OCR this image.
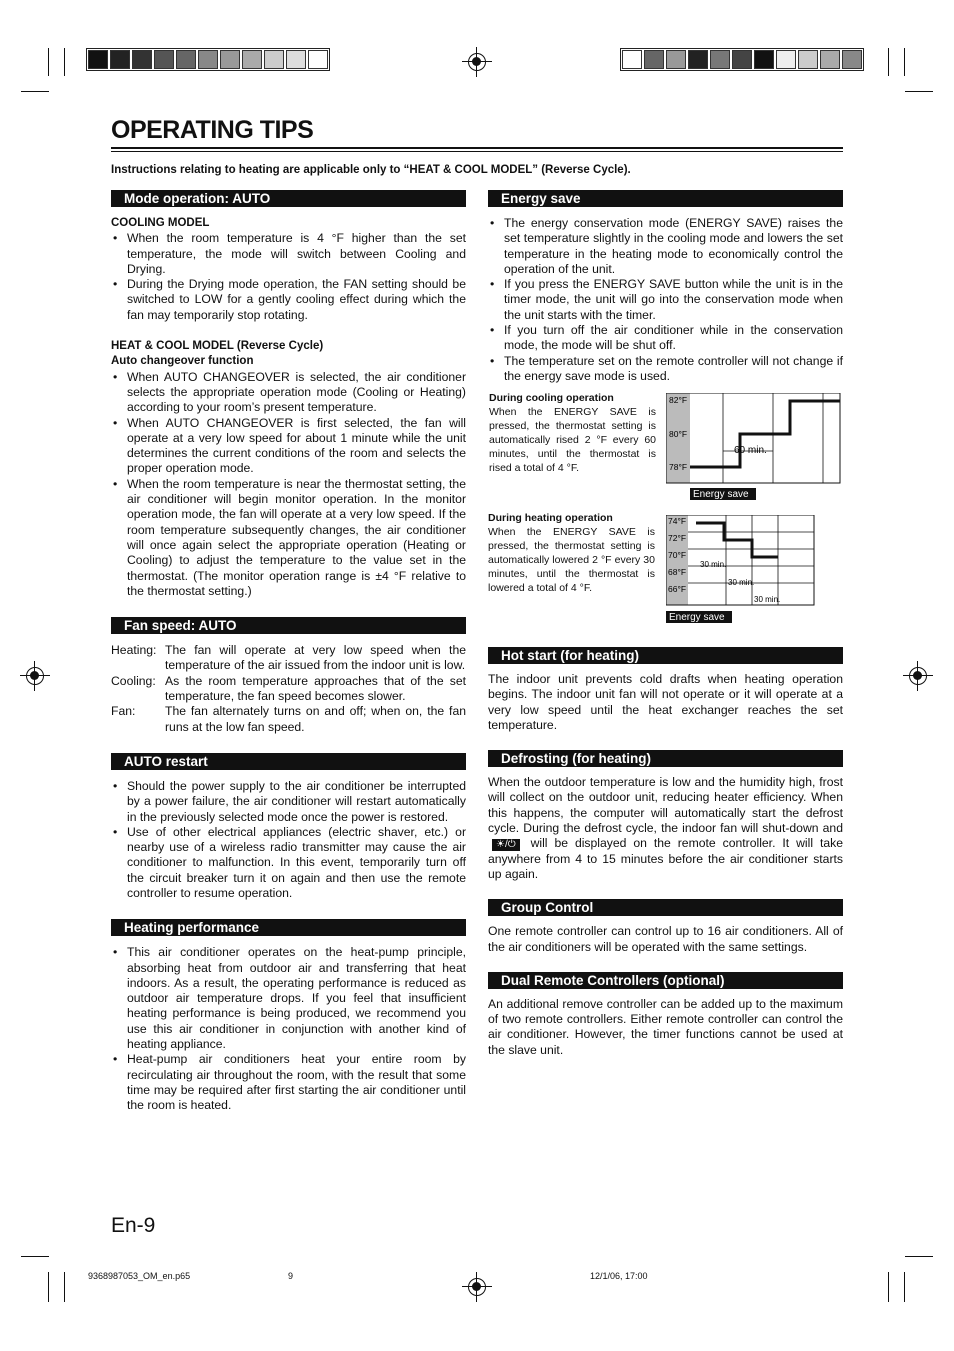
OPERATING TIPS
Instructions relating to heating are applicable only to “HEAT & COOL MODEL” (Reverse Cycle).
Mode operation: AUTO
COOLING MODEL
• When the room temperature is 4 °F higher than the set temperature, the mode will switch between Cooling and Drying.
• During the Drying mode operation, the FAN setting should be switched to LOW for a gently cooling effect during which the fan may temporarily stop rotating.
HEAT & COOL MODEL (Reverse Cycle)
Auto changeover function
• When AUTO CHANGEOVER is selected, the air conditioner selects the appropriate operation mode (Cooling or Heating) according to your room’s present temperature.
• When AUTO CHANGEOVER is first selected, the fan will operate at a very low speed for about 1 minute while the unit determines the current conditions of the room and selects the proper operation mode.
• When the room temperature is near the thermostat setting, the air conditioner will begin monitor operation. In the monitor operation mode, the fan will operate at a very low speed. If the room temperature subsequently changes, the air conditioner will once again select the appropriate operation (Heating or Cooling) to adjust the temperature to the value set in the thermostat. (The monitor operation range is ±4 °F relative to the thermostat setting.)
Fan speed: AUTO
Heating: The fan will operate at very low speed when the temperature of the air issued from the indoor unit is low.
Cooling: As the room temperature approaches that of the set temperature, the fan speed becomes slower.
Fan:	The fan alternately turns on and off; when on, the fan runs at the low fan speed.
AUTO restart
• Should the power supply to the air conditioner be interrupted by a power failure, the air conditioner will restart automatically in the previously selected mode once the power is restored.
• Use of other electrical appliances (electric shaver, etc.) or nearby use of a wireless radio transmitter may cause the air conditioner to malfunction. In this event, temporarily turn off the circuit breaker turn it on again and then use the remote controller to resume operation.
Heating performance
• This air conditioner operates on the heat-pump principle, absorbing heat from outdoor air and transferring that heat indoors. As a result, the operating performance is reduced as outdoor air temperature drops. If you feel that insufficient heating performance is being produced, we recommend you use this air conditioner in conjunction with another kind of heating appliance.
• Heat-pump air conditioners heat your entire room by recirculating air throughout the room, with the result that some time may be required after first starting the air conditioner until the room is heated.
Energy save
• The energy conservation mode (ENERGY SAVE) raises the set temperature slightly in the cooling mode and lowers the set temperature in the heating mode to economically control the operation of the unit.
• If you press the ENERGY SAVE button while the unit is in the timer mode, the unit will go into the conservation mode when the unit starts with the timer.
• If you turn off the air conditioner while in the conservation mode, the mode will be shut off.
• The temperature set on the remote controller will not change if the energy save mode is used.
During cooling operation

When the ENERGY SAVE is pressed, the thermostat setting is automatically rised 2 °F every 60 minutes, until the thermostat is rised a total of 4 °F.

82°F
80°F
78°F
60 min.
Energy save
During heating operation

When the ENERGY SAVE is pressed, the thermostat setting is automatically lowered 2 °F every 30 minutes, until the thermostat is lowered a total of 4 °F.

74°F
72°F
70°F
68°F
66°F
30 min.
30 min.
30 min.
Energy save
Hot start (for heating)

The indoor unit prevents cold drafts when heating operation begins. The indoor unit fan will not operate or it will operate at a very low speed until the heat exchanger reaches the set temperature.

Defrosting (for heating)

When the outdoor temperature is low and the humidity high, frost will collect on the outdoor unit, reducing heater efficiency. When this happens, the computer will automatically start the defrost cycle. During the defrost cycle, the indoor fan will shut-down and ☀/⏻ will be displayed on the remote controller. It will take anywhere from 4 to 15 minutes before the air conditioner starts up again.

Group Control

One remote controller can control up to 16 air conditioners. All of the air conditioners will be operated with the same settings.

Dual Remote Controllers (optional)

An additional remove controller can be added up to the maximum of two remote controllers. Either remote controller can control the air conditioner. However, the timer functions cannot be used at the slave unit.

En-9
9368987053_OM_en.p65	9	12/1/06, 17:00
